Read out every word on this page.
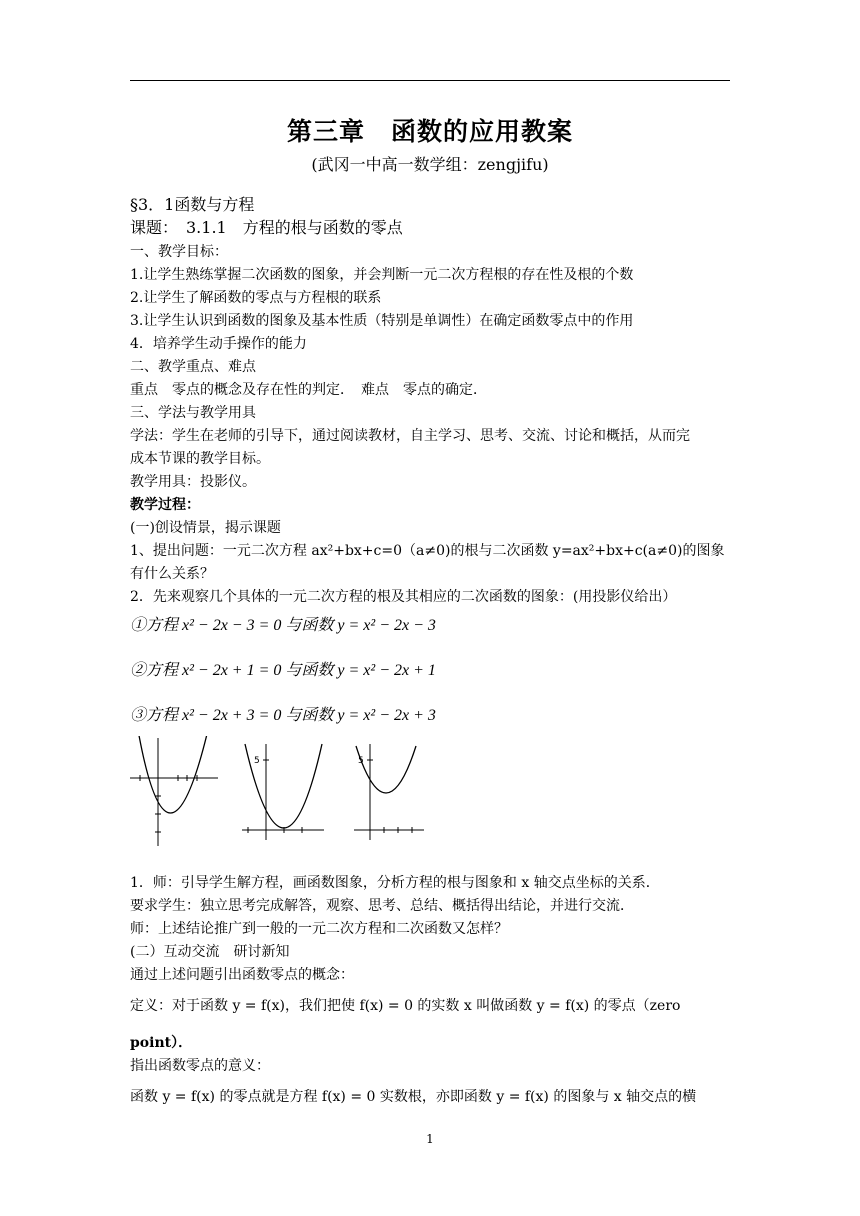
第三章　函数的应用教案
(武冈一中高一数学组：zengjifu)
§3．1函数与方程
课题：　3.1.1　方程的根与函数的零点
一、教学目标：
1.让学生熟练掌握二次函数的图象，并会判断一元二次方程根的存在性及根的个数
2.让学生了解函数的零点与方程根的联系
3.让学生认识到函数的图象及基本性质（特别是单调性）在确定函数零点中的作用
4．培养学生动手操作的能力
二、教学重点、难点
重点　零点的概念及存在性的判定．　难点　零点的确定．
三、学法与教学用具
学法：学生在老师的引导下，通过阅读教材，自主学习、思考、交流、讨论和概括，从而完
成本节课的教学目标。
教学用具：投影仪。
教学过程：
(一)创设情景，揭示课题
1、提出问题：一元二次方程 ax²+bx+c=0（a≠0)的根与二次函数 y=ax²+bx+c(a≠0)的图象
有什么关系？
2．先来观察几个具体的一元二次方程的根及其相应的二次函数的图象：(用投影仪给出）
①方程 x² − 2x − 3 = 0 与函数 y = x² − 2x − 3
②方程 x² − 2x + 1 = 0 与函数 y = x² − 2x + 1
③方程 x² − 2x + 3 = 0 与函数 y = x² − 2x + 3
5	5
1．师：引导学生解方程，画函数图象，分析方程的根与图象和 x 轴交点坐标的关系．
要求学生：独立思考完成解答，观察、思考、总结、概括得出结论，并进行交流．
师：上述结论推广到一般的一元二次方程和二次函数又怎样？
(二）互动交流　研讨新知
通过上述问题引出函数零点的概念：
定义：对于函数 y = f(x)，我们把使 f(x) = 0 的实数 x 叫做函数 y = f(x) 的零点（zero
point）．
指出函数零点的意义：
函数 y = f(x) 的零点就是方程 f(x) = 0 实数根，亦即函数 y = f(x) 的图象与 x 轴交点的横
1
